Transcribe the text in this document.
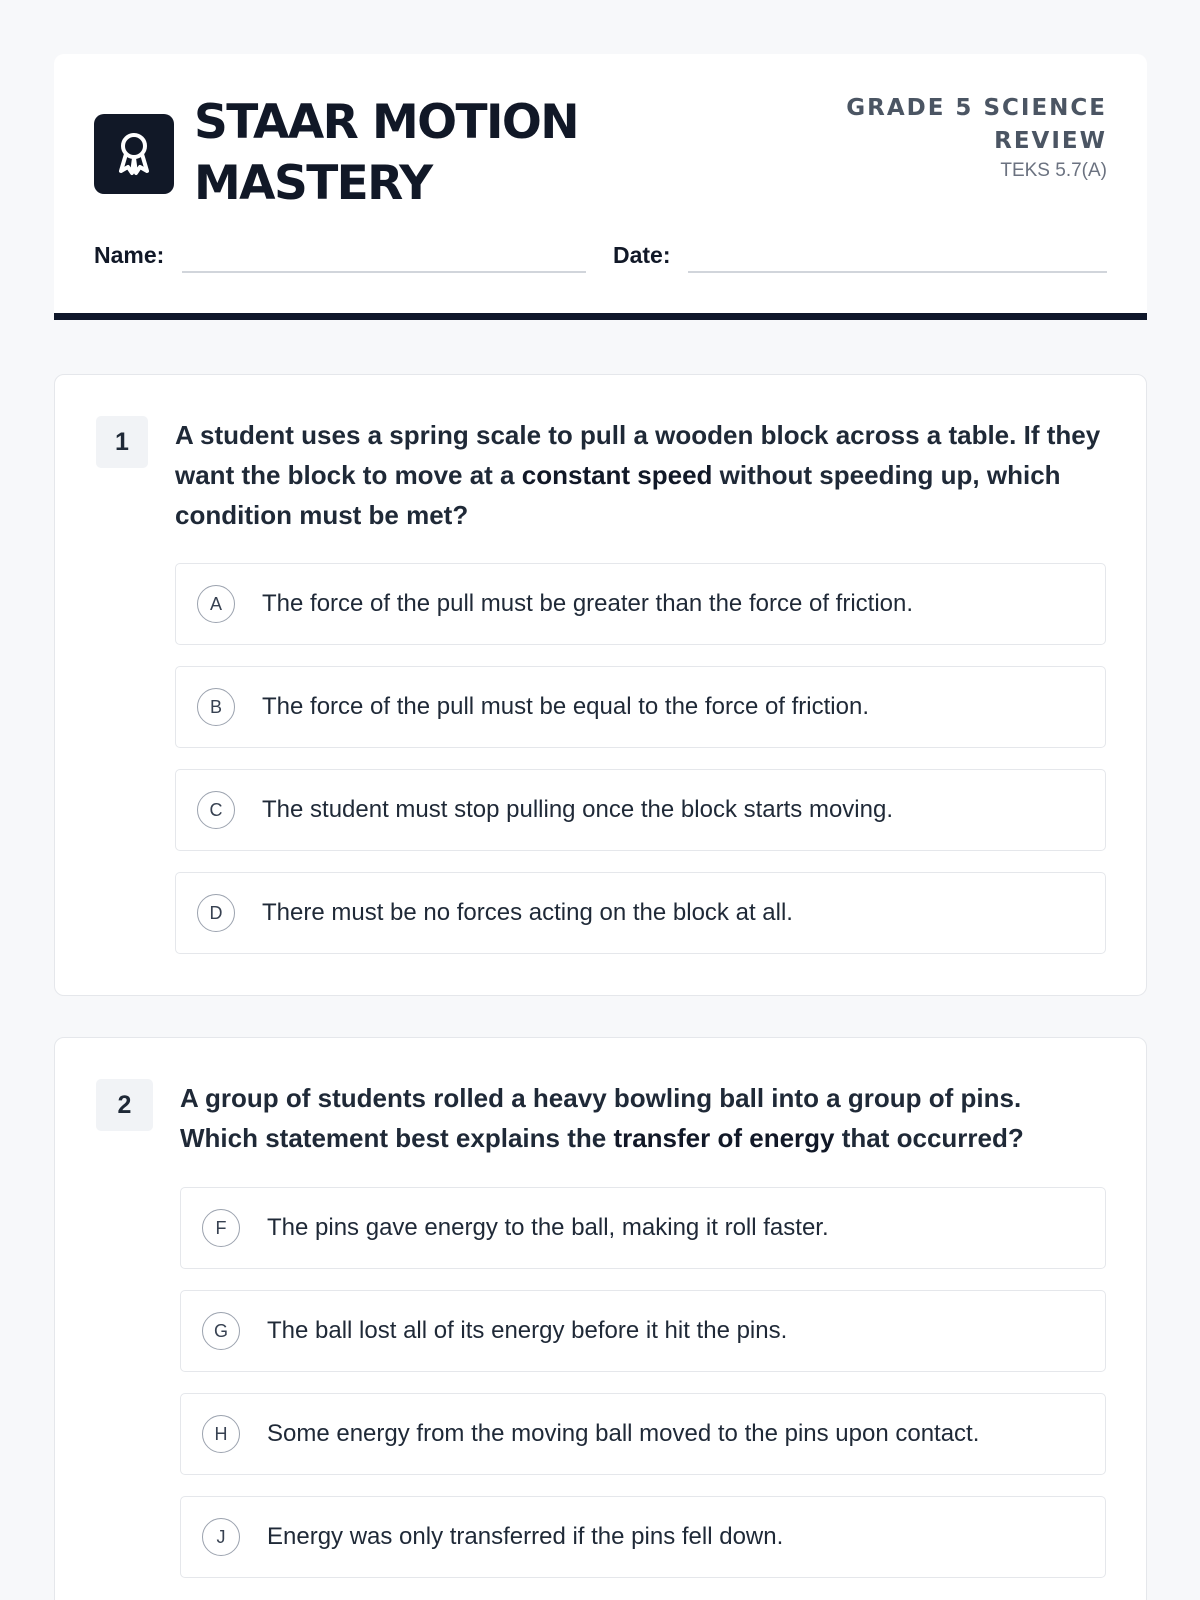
STAAR MOTION
MASTERY
GRADE 5 SCIENCE
REVIEW
TEKS 5.7(A)
Name:	Date:
1	A student uses a spring scale to pull a wooden block across a table. If they want the block to move at a constant speed without speeding up, which condition must be met?
A	The force of the pull must be greater than the force of friction.
B	The force of the pull must be equal to the force of friction.
C	The student must stop pulling once the block starts moving.
D	There must be no forces acting on the block at all.
2	A group of students rolled a heavy bowling ball into a group of pins. Which statement best explains the transfer of energy that occurred?
F	The pins gave energy to the ball, making it roll faster.
G	The ball lost all of its energy before it hit the pins.
H	Some energy from the moving ball moved to the pins upon contact.
J	Energy was only transferred if the pins fell down.
